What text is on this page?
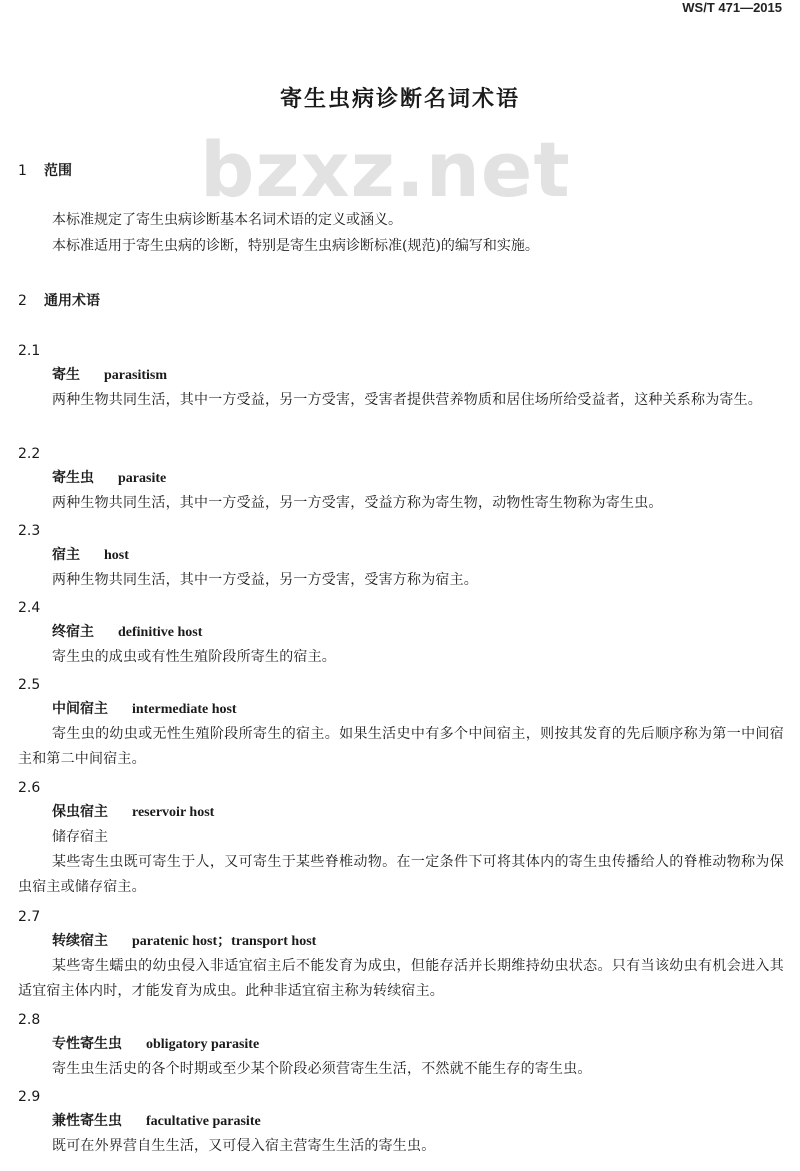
WS/T 471—2015
寄生虫病诊断名词术语
bzxz.net
1 范围
本标准规定了寄生虫病诊断基本名词术语的定义或涵义。
本标准适用于寄生虫病的诊断，特别是寄生虫病诊断标准(规范)的编写和实施。
2 通用术语
2.1
寄生 parasitism
两种生物共同生活，其中一方受益，另一方受害，受害者提供营养物质和居住场所给受益者，这种关系称为寄生。
2.2
寄生虫 parasite
两种生物共同生活，其中一方受益，另一方受害，受益方称为寄生物，动物性寄生物称为寄生虫。
2.3
宿主 host
两种生物共同生活，其中一方受益，另一方受害，受害方称为宿主。
2.4
终宿主 definitive host
寄生虫的成虫或有性生殖阶段所寄生的宿主。
2.5
中间宿主 intermediate host
寄生虫的幼虫或无性生殖阶段所寄生的宿主。如果生活史中有多个中间宿主，则按其发育的先后顺序称为第一中间宿主和第二中间宿主。
2.6
保虫宿主 reservoir host
储存宿主
某些寄生虫既可寄生于人，又可寄生于某些脊椎动物。在一定条件下可将其体内的寄生虫传播给人的脊椎动物称为保虫宿主或储存宿主。
2.7
转续宿主 paratenic host；transport host
某些寄生蠕虫的幼虫侵入非适宜宿主后不能发育为成虫，但能存活并长期维持幼虫状态。只有当该幼虫有机会进入其适宜宿主体内时，才能发育为成虫。此种非适宜宿主称为转续宿主。
2.8
专性寄生虫 obligatory parasite
寄生虫生活史的各个时期或至少某个阶段必须营寄生生活，不然就不能生存的寄生虫。
2.9
兼性寄生虫 facultative parasite
既可在外界营自生生活，又可侵入宿主营寄生生活的寄生虫。
